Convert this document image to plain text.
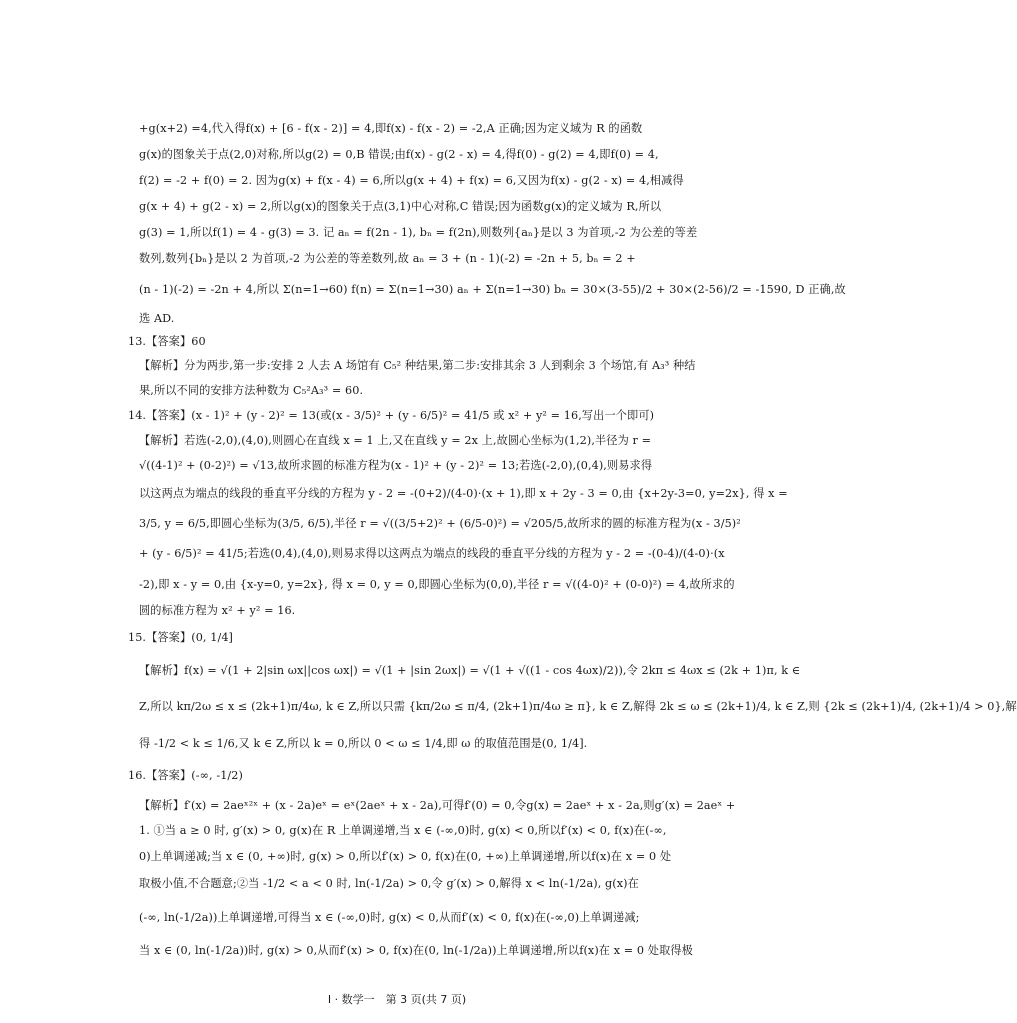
+g(x+2) =4,代入得f(x) + [6 - f(x - 2)] = 4,即f(x) - f(x - 2) = -2,A 正确;因为定义域为 R 的函数
g(x)的图象关于点(2,0)对称,所以g(2) = 0,B 错误;由f(x) - g(2 - x) = 4,得f(0) - g(2) = 4,即f(0) = 4,
f(2) = -2 + f(0) = 2. 因为g(x) + f(x - 4) = 6,所以g(x + 4) + f(x) = 6,又因为f(x) - g(2 - x) = 4,相减得
g(x + 4) + g(2 - x) = 2,所以g(x)的图象关于点(3,1)中心对称,C 错误;因为函数g(x)的定义域为 R,所以
g(3) = 1,所以f(1) = 4 - g(3) = 3. 记 aₙ = f(2n - 1), bₙ = f(2n),则数列{aₙ}是以 3 为首项,-2 为公差的等差
数列,数列{bₙ}是以 2 为首项,-2 为公差的等差数列,故 aₙ = 3 + (n - 1)(-2) = -2n + 5, bₙ = 2 +
(n - 1)(-2) = -2n + 4,所以 Σ(n=1→60) f(n) = Σ(n=1→30) aₙ + Σ(n=1→30) bₙ = 30×(3-55)/2 + 30×(2-56)/2 = -1590, D 正确,故
选 AD.
13.【答案】60
【解析】分为两步,第一步:安排 2 人去 A 场馆有 C₅² 种结果,第二步:安排其余 3 人到剩余 3 个场馆,有 A₃³ 种结
果,所以不同的安排方法种数为 C₅²A₃³ = 60.
14.【答案】(x - 1)² + (y - 2)² = 13(或(x - 3/5)² + (y - 6/5)² = 41/5 或 x² + y² = 16,写出一个即可)
【解析】若选(-2,0),(4,0),则圆心在直线 x = 1 上,又在直线 y = 2x 上,故圆心坐标为(1,2),半径为 r =
√((4-1)² + (0-2)²) = √13,故所求圆的标准方程为(x - 1)² + (y - 2)² = 13;若选(-2,0),(0,4),则易求得
以这两点为端点的线段的垂直平分线的方程为 y - 2 = -(0+2)/(4-0)·(x + 1),即 x + 2y - 3 = 0,由 {x+2y-3=0, y=2x}, 得 x =
3/5, y = 6/5,即圆心坐标为(3/5, 6/5),半径 r = √((3/5+2)² + (6/5-0)²) = √205/5,故所求的圆的标准方程为(x - 3/5)²
+ (y - 6/5)² = 41/5;若选(0,4),(4,0),则易求得以这两点为端点的线段的垂直平分线的方程为 y - 2 = -(0-4)/(4-0)·(x
-2),即 x - y = 0,由 {x-y=0, y=2x}, 得 x = 0, y = 0,即圆心坐标为(0,0),半径 r = √((4-0)² + (0-0)²) = 4,故所求的
圆的标准方程为 x² + y² = 16.
15.【答案】(0, 1/4]
【解析】f(x) = √(1 + 2|sin ωx||cos ωx|) = √(1 + |sin 2ωx|) = √(1 + √((1 - cos 4ωx)/2)),令 2kπ ≤ 4ωx ≤ (2k + 1)π, k ∈
Z,所以 kπ/2ω ≤ x ≤ (2k+1)π/4ω, k ∈ Z,所以只需 {kπ/2ω ≤ π/4, (2k+1)π/4ω ≥ π}, k ∈ Z,解得 2k ≤ ω ≤ (2k+1)/4, k ∈ Z,则 {2k ≤ (2k+1)/4, (2k+1)/4 > 0},解
得 -1/2 < k ≤ 1/6,又 k ∈ Z,所以 k = 0,所以 0 < ω ≤ 1/4,即 ω 的取值范围是(0, 1/4].
16.【答案】(-∞, -1/2)
【解析】f′(x) = 2aeˣ²ˣ + (x - 2a)eˣ = eˣ(2aeˣ + x - 2a),可得f′(0) = 0,令g(x) = 2aeˣ + x - 2a,则g′(x) = 2aeˣ +
1. ①当 a ≥ 0 时, g′(x) > 0, g(x)在 R 上单调递增,当 x ∈ (-∞,0)时, g(x) < 0,所以f′(x) < 0, f(x)在(-∞,
0)上单调递减;当 x ∈ (0, +∞)时, g(x) > 0,所以f′(x) > 0, f(x)在(0, +∞)上单调递增,所以f(x)在 x = 0 处
取极小值,不合题意;②当 -1/2 < a < 0 时, ln(-1/2a) > 0,令 g′(x) > 0,解得 x < ln(-1/2a), g(x)在
(-∞, ln(-1/2a))上单调递增,可得当 x ∈ (-∞,0)时, g(x) < 0,从而f′(x) < 0, f(x)在(-∞,0)上单调递减;
当 x ∈ (0, ln(-1/2a))时, g(x) > 0,从而f′(x) > 0, f(x)在(0, ln(-1/2a))上单调递增,所以f(x)在 x = 0 处取得极
Ⅰ · 数学一　第 3 页(共 7 页)
